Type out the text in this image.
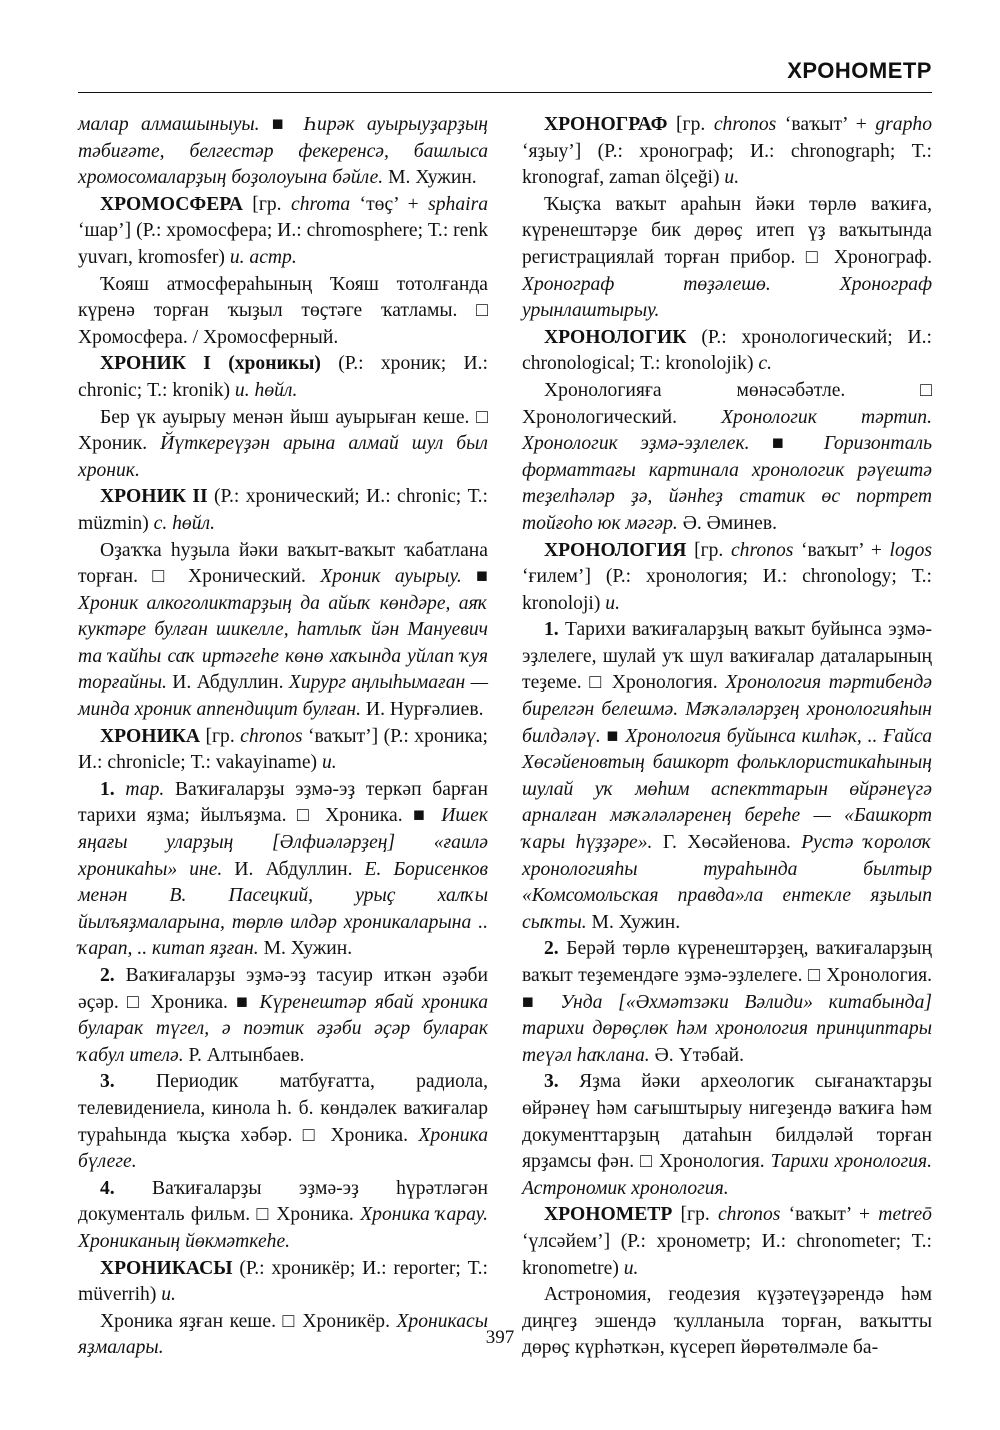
ХРОНОМЕТР

малар алмашыныуы. ■ Һирәк ауырыуҙарҙың тәбиғәте, белгестәр фекеренсә, башлыса хромосомаларҙың боҙолоуына бәйле. М. Хужин.

ХРОМОСФЕРА [гр. chroma ‘төҫ’ + sphaira ‘шар’] (Р.: хромосфера; И.: chromosphere; Т.: renk yuvarı, kromosfer) и. астр.

Ҡояш атмосфераһының Ҡояш тотолғанда күренә торған ҡыҙыл төҫтәге ҡатламы. □ Хромосфера. / Хромосферный.

ХРОНИК I (хроникы) (Р.: хроник; И.: chronic; Т.: kronik) и. һөйл.

Бер үк ауырыу менән йыш ауырыған кеше. □ Хроник. Йүткереүҙән арына алмай шул был хроник.

ХРОНИК II (Р.: хронический; И.: chronic; Т.: müzmin) с. һөйл.

Оҙаҡҡа һуҙыла йәки ваҡыт-ваҡыт ҡабатлана торған. □ Хронический. Хроник ауырыу. ■ Хроник алкоголиктарҙың да айыҡ көндәре, аяҡ куктәре булған шикелле, һатлыҡ йән Мануевич та ҡайһы саҡ иртәгеһе көнө хаҡында уйлап ҡуя торғайны. И. Абдуллин. Хирург аңлыһымаған — минда хроник аппендицит булған. И. Нурғәлиев.

ХРОНИКА [гр. chronos ‘ваҡыт’] (Р.: хроника; И.: chronicle; Т.: vakayiname) и.

1. тар. Ваҡиғаларҙы эҙмә-эҙ теркәп барған тарихи яҙма; йылъяҙма. □ Хроника. ■ Ишек яңағы уларҙың [Әлфиәләрҙең] «ғаилә хроникаһы» ине. И. Абдуллин. Е. Борисенков менән В. Пасецкий, урыҫ халҡы йылъяҙмаларына, төрлө илдәр хроникаларына .. ҡарап, .. китап яҙған. М. Хужин.

2. Ваҡиғаларҙы эҙмә-эҙ тасуир иткән әҙәби әҫәр. □ Хроника. ■ Күренештәр ябай хроника буларак түгел, ә поэтик әҙәби әҫәр буларак ҡабул ителә. Р. Алтынбаев.

3. Периодик матбуғатта, радиола, телевидениела, кинола һ. б. көндәлек ваҡиғалар тураһында ҡыҫҡа хәбәр. □ Хроника. Хроника бүлеге.

4. Ваҡиғаларҙы эҙмә-эҙ һүрәтләгән документаль фильм. □ Хроника. Хроника ҡарау. Хрониканың йөкмәткеһе.

ХРОНИКАСЫ (Р.: хроникёр; И.: reporter; Т.: müverrih) и.

Хроника яҙған кеше. □ Хроникёр. Хроникасы яҙмалары.

ХРОНОГРАФ [гр. chronos ‘ваҡыт’ + grapho ‘яҙыу’] (Р.: хронограф; И.: chronograph; Т.: kronograf, zaman ölçeği) и.

Ҡыҫҡа ваҡыт араһын йәки төрлө ваҡиға, күренештәрҙе бик дөрөҫ итеп үҙ ваҡытында регистрациялай торған прибор. □ Хронограф. Хронограф төҙәлешө. Хронограф урынлаштырыу.

ХРОНОЛОГИК (Р.: хронологический; И.: chronological; Т.: kronolojik) с.

Хронологияға мөнәсәбәтле. □ Хронологический. Хронологик тәртип. Хронологик эҙмә-эҙлелек. ■ Горизонталь форматтағы картинала хронологик рәүештә теҙелһәләр ҙә, йәнһеҙ статик өс портрет тойғоһо юк мәгәр. Ә. Әминев.

ХРОНОЛОГИЯ [гр. chronos ‘ваҡыт’ + logos ‘ғилем’] (Р.: хронология; И.: chronology; Т.: kronoloji) и.

1. Тарихи ваҡиғаларҙың ваҡыт буйынса эҙмә-эҙлелеге, шулай уҡ шул ваҡиғалар даталарының теҙеме. □ Хронология. Хронология тәртибендә бирелгән белешмә. Мәҡәләләрҙең хронологияһын билдәләү. ■ Хронология буйынса килһәк, .. Ғайса Хөсәйеновтың башкорт фольклористикаһының шулай уҡ мөһим аспекттарын өйрәнеүгә арналған мәҡәләләренең береһе — «Башкорт ҡары һүҙҙәре». Г. Хөсәйенова. Рустә ҡоролоҡ хронологияһы тураһында былтыр «Комсомольская правда»ла ентекле яҙылып сыҡты. М. Хужин.

2. Берәй төрлө күренештәрҙең, ваҡиғаларҙың ваҡыт теҙемендәге эҙмә-эҙлелеге. □ Хронология. ■ Унда [«Әхмәтзәки Вәлиди» китабында] тарихи дөрөҫлөк һәм хронология принциптары теүәл һаҡлана. Ә. Үтәбай.

3. Яҙма йәки археологик сығанаҡтарҙы өйрәнеү һәм сағыштырыу нигеҙендә ваҡиға һәм документтарҙың датаһын билдәләй торған ярҙамсы фән. □ Хронология. Тарихи хронология. Астрономик хронология.

ХРОНОМЕТР [гр. chronos ‘ваҡыт’ + metreō ‘үлсәйем’] (Р.: хронометр; И.: chronometer; Т.: kronometre) и.

Астрономия, геодезия күҙәтеүҙәрендә һәм диңгеҙ эшендә ҡулланыла торған, ваҡытты дөрөҫ күрһәткән, күсереп йөрөтөлмәле ба-

397
